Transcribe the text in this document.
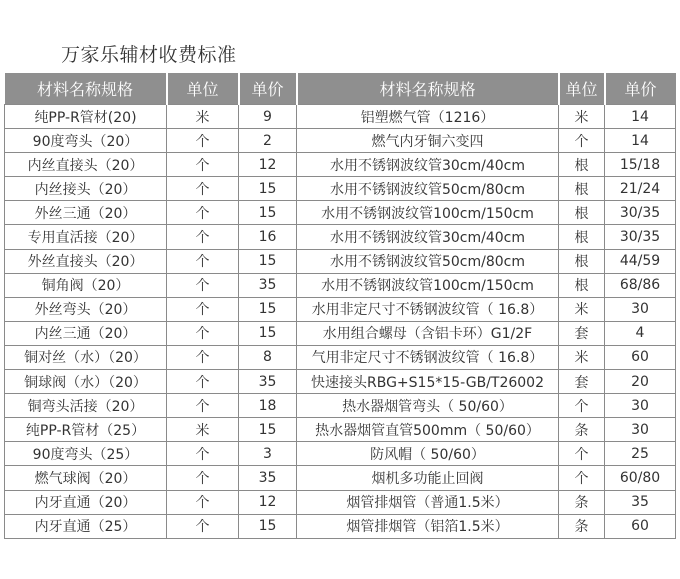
万家乐辅材收费标准
材料名称规格	单位	单价	材料名称规格	单位	单价
纯PP-R管材(20)	米	9	铝塑燃气管（1216）	米	14
90度弯头（20）	个	2	燃气内牙铜六变四	个	14
内丝直接头（20）	个	12	水用不锈钢波纹管30cm/40cm	根	15/18
内丝接头（20）	个	15	水用不锈钢波纹管50cm/80cm	根	21/24
外丝三通（20）	个	15	水用不锈钢波纹管100cm/150cm	根	30/35
专用直活接（20）	个	16	水用不锈钢波纹管30cm/40cm	根	30/35
外丝直接头（20）	个	15	水用不锈钢波纹管50cm/80cm	根	44/59
铜角阀（20）	个	35	水用不锈钢波纹管100cm/150cm	根	68/86
外丝弯头（20）	个	15	水用非定尺寸不锈钢波纹管（ 16.8）	米	30
内丝三通（20）	个	15	水用组合螺母（含铝卡环）G1/2F	套	4
铜对丝（水）（20）	个	8	气用非定尺寸不锈钢波纹管（ 16.8）	米	60
铜球阀（水）（20）	个	35	快速接头RBG+S15*15-GB/T26002	套	20
铜弯头活接（20）	个	18	热水器烟管弯头（ 50/60）	个	30
纯PP-R管材（25）	米	15	热水器烟管直管500mm（ 50/60）	条	30
90度弯头（25）	个	3	防风帽（ 50/60）	个	25
燃气球阀（20）	个	35	烟机多功能止回阀	个	60/80
内牙直通（20）	个	12	烟管排烟管（普通1.5米）	条	35
内牙直通（25）	个	15	烟管排烟管（铝箔1.5米）	条	60
